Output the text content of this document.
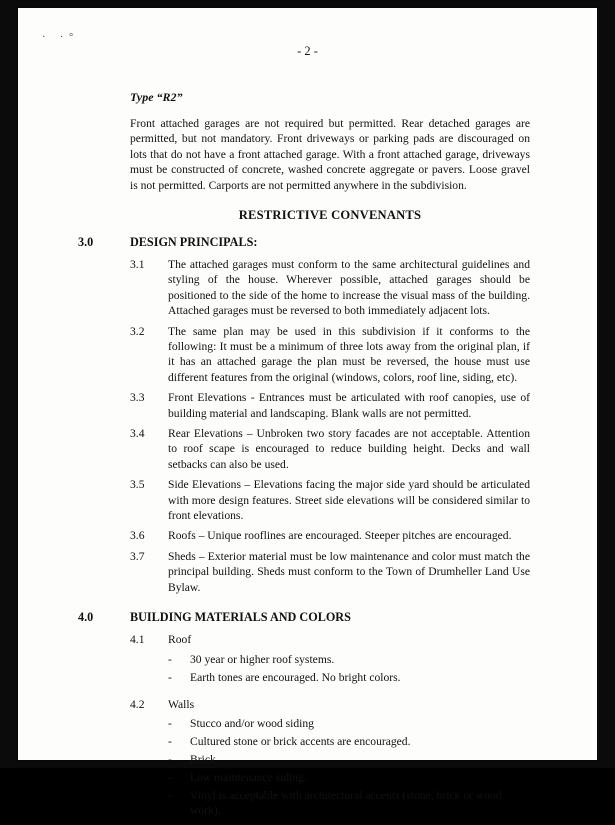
· ·°
- 2 -
Type “R2”

Front attached garages are not required but permitted. Rear detached garages are permitted, but not mandatory. Front driveways or parking pads are discouraged on lots that do not have a front attached garage. With a front attached garage, driveways must be constructed of concrete, washed concrete aggregate or pavers. Loose gravel is not permitted. Carports are not permitted anywhere in the subdivision.

RESTRICTIVE CONVENANTS
3.0	DESIGN PRINCIPALS:
3.1	The attached garages must conform to the same architectural guidelines and styling of the house. Wherever possible, attached garages should be positioned to the side of the home to increase the visual mass of the building. Attached garages must be reversed to both immediately adjacent lots.
3.2	The same plan may be used in this subdivision if it conforms to the following: It must be a minimum of three lots away from the original plan, if it has an attached garage the plan must be reversed, the house must use different features from the original (windows, colors, roof line, siding, etc).
3.3	Front Elevations - Entrances must be articulated with roof canopies, use of building material and landscaping. Blank walls are not permitted.
3.4	Rear Elevations – Unbroken two story facades are not acceptable. Attention to roof scape is encouraged to reduce building height. Decks and wall setbacks can also be used.
3.5	Side Elevations – Elevations facing the major side yard should be articulated with more design features. Street side elevations will be considered similar to front elevations.
3.6	Roofs – Unique rooflines are encouraged. Steeper pitches are encouraged.
3.7	Sheds – Exterior material must be low maintenance and color must match the principal building. Sheds must conform to the Town of Drumheller Land Use Bylaw.
4.0	BUILDING MATERIALS AND COLORS
4.1	Roof
-	30 year or higher roof systems.
-	Earth tones are encouraged. No bright colors.
4.2	Walls
-	Stucco and/or wood siding
-	Cultured stone or brick accents are encouraged.
-	Brick
-	Low maintenance siding.
-	Vinyl is acceptable with architectural accents (stone, brick or wood work).
